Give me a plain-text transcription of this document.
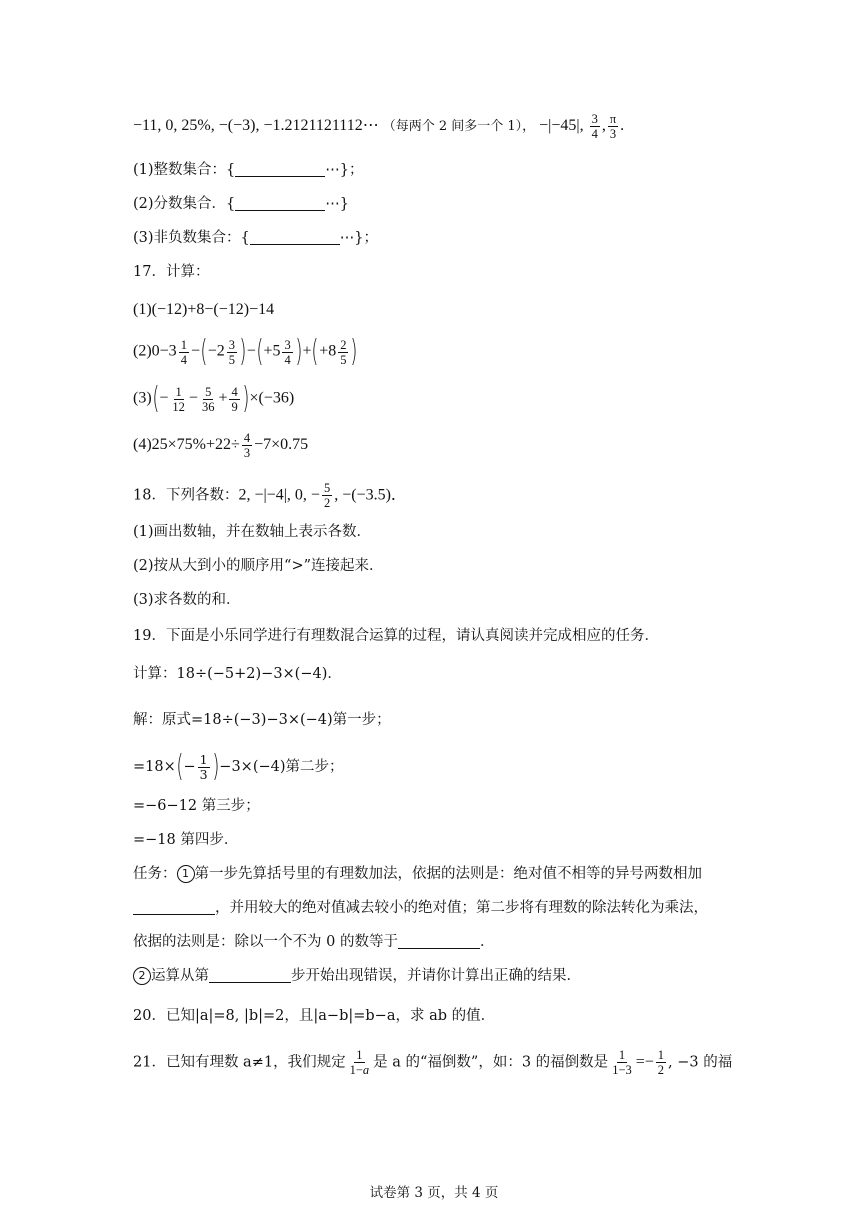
−11, 0, 25%, −(−3), −1.2121121112⋯ （每两个 2 间多一个 1）， −|−45|, $\frac{3}{4}$ , $\frac{\pi}{3}$ .
(1)整数集合：{	⋯}；
(2)分数集合．{	⋯}
(3)非负数集合：{	⋯}；
17．计算：
(1)(−12)+8−(−12)−14
$(2)0-3 \frac{1}{4} -(-2 \frac{3}{5} )-(+5 \frac{3}{4} )+(+8 \frac{2}{5}$ )
$(3)(- \frac{1}{12} - \frac{5}{36} + \frac{4}{9} )\times(-36)$
$(4)25\times 75\%+22\div \frac{4}{3} -7\times 0.75$
18．下列各数：2, −|−4|, 0, − $\frac{5}{2}$ , −(−3.5)．
(1)画出数轴，并在数轴上表示各数．
(2)按从大到小的顺序用“>”连接起来．
(3)求各数的和．
19．下面是小乐同学进行有理数混合运算的过程，请认真阅读并完成相应的任务．
计算：18÷(−5+2)−3×(−4)．
解：原式=18÷(−3)−3×(−4)第一步；
$=18\times(- \frac{1}{3} )-3\times(-4)$第二步；
=−6−12 第三步；
=−18 第四步．
任务： 1 第一步先算括号里的有理数加法，依据的法则是：绝对值不相等的异号两数相加
，并用较大的绝对值减去较小的绝对值；第二步将有理数的除法转化为乘法，
依据的法则是：除以一个不为 0 的数等于	．
2 运算从第	步开始出现错误，并请你计算出正确的结果．
20．已知|a|=8, |b|=2，且|a−b|=b−a，求 ab 的值．
21．已知有理数 a≠1，我们规定 $\frac{1}{1-a}$ 是 a 的“福倒数”，如：3 的福倒数是 $\frac{1}{1-3} =- \frac{1}{2}$ , −3 的福
试卷第 3 页，共 4 页
